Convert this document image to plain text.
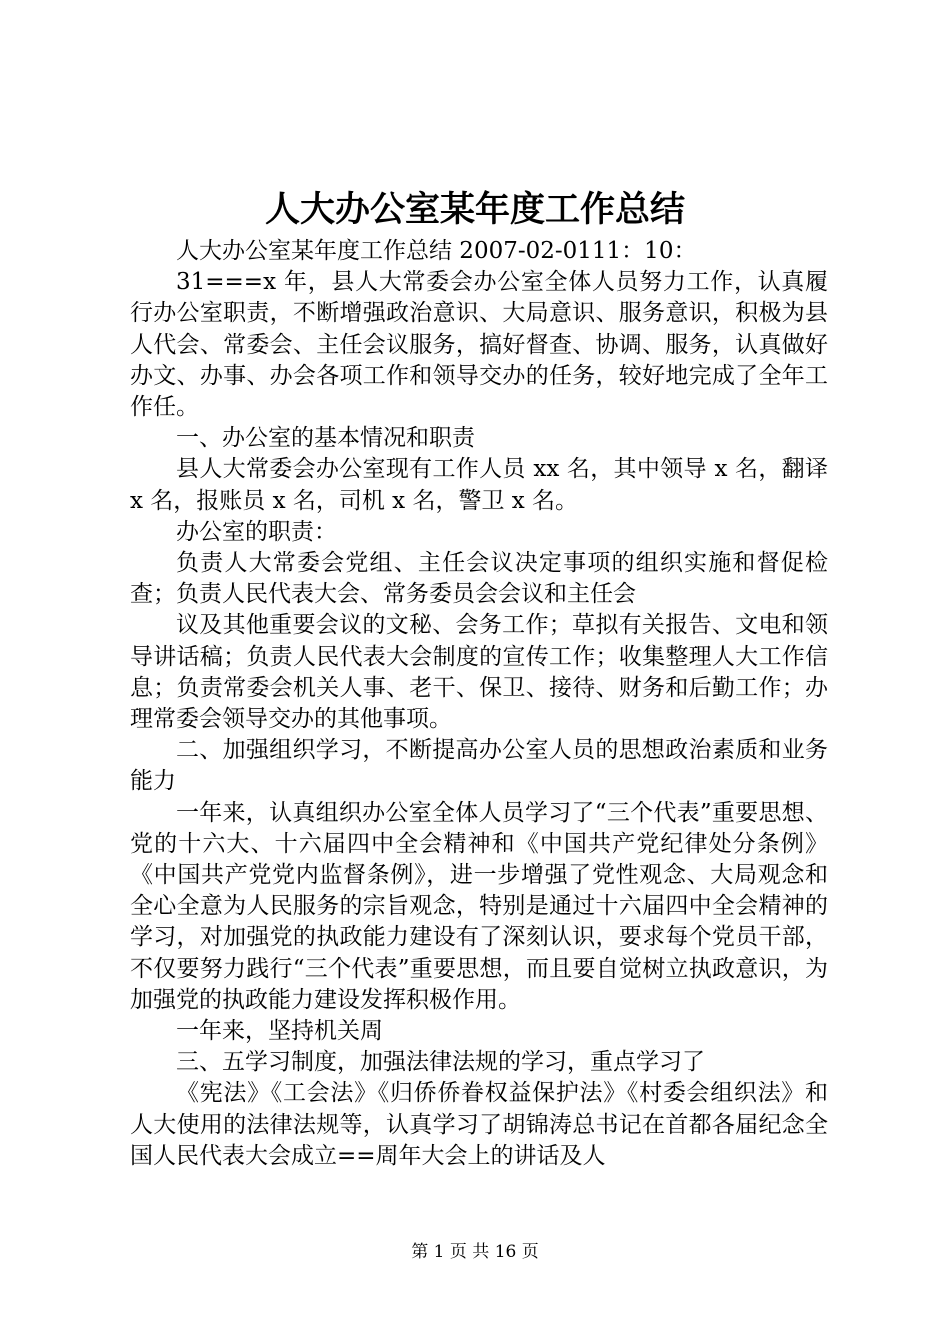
人大办公室某年度工作总结

人大办公室某年度工作总结 2007-02-0111：10：

31===x 年，县人大常委会办公室全体人员努力工作，认真履行办公室职责，不断增强政治意识、大局意识、服务意识，积极为县人代会、常委会、主任会议服务，搞好督查、协调、服务，认真做好办文、办事、办会各项工作和领导交办的任务，较好地完成了全年工作任。

一、办公室的基本情况和职责

县人大常委会办公室现有工作人员 xx 名，其中领导 x 名，翻译 x 名，报账员 x 名，司机 x 名，警卫 x 名。

办公室的职责：

负责人大常委会党组、主任会议决定事项的组织实施和督促检查；负责人民代表大会、常务委员会会议和主任会

议及其他重要会议的文秘、会务工作；草拟有关报告、文电和领导讲话稿；负责人民代表大会制度的宣传工作；收集整理人大工作信息；负责常委会机关人事、老干、保卫、接待、财务和后勤工作；办理常委会领导交办的其他事项。

二、加强组织学习，不断提高办公室人员的思想政治素质和业务能力

一年来，认真组织办公室全体人员学习了“三个代表”重要思想、党的十六大、十六届四中全会精神和《中国共产党纪律处分条例》《中国共产党党内监督条例》，进一步增强了党性观念、大局观念和全心全意为人民服务的宗旨观念，特别是通过十六届四中全会精神的学习，对加强党的执政能力建设有了深刻认识，要求每个党员干部，不仅要努力践行“三个代表”重要思想，而且要自觉树立执政意识，为加强党的执政能力建设发挥积极作用。

一年来，坚持机关周

三、五学习制度，加强法律法规的学习，重点学习了

《宪法》《工会法》《归侨侨眷权益保护法》《村委会组织法》和人大使用的法律法规等，认真学习了胡锦涛总书记在首都各届纪念全国人民代表大会成立==周年大会上的讲话及人

第 1 页 共 16 页
